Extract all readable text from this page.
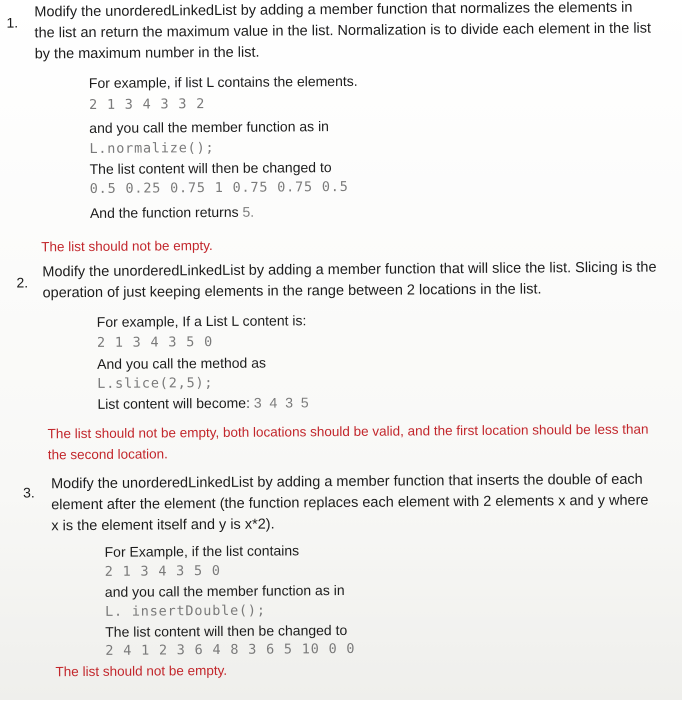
1.
Modify the unorderedLinkedList by adding a member function that normalizes the elements in the list an return the maximum value in the list. Normalization is to divide each element in the list by the maximum number in the list.
For example, if list L contains the elements.
2 1 3 4 3 3 2
and you call the member function as in
L.normalize();
The list content will then be changed to
0.5 0.25 0.75 1 0.75 0.75 0.5
And the function returns 5.
The list should not be empty.
2.
Modify the unorderedLinkedList by adding a member function that will slice the list. Slicing is the operation of just keeping elements in the range between 2 locations in the list.
For example, If a List L content is:
2 1 3 4 3 5 0
And you call the method as
L.slice(2,5);
List content will become: 3 4 3 5
The list should not be empty, both locations should be valid, and the first location should be less than the second location.
3.
Modify the unorderedLinkedList by adding a member function that inserts the double of each element after the element (the function replaces each element with 2 elements x and y where x is the element itself and y is x*2).
For Example, if the list contains
2 1 3 4 3 5 0
and you call the member function as in
L. insertDouble();
The list content will then be changed to
2 4 1 2 3 6 4 8 3 6 5 10 0 0
The list should not be empty.
